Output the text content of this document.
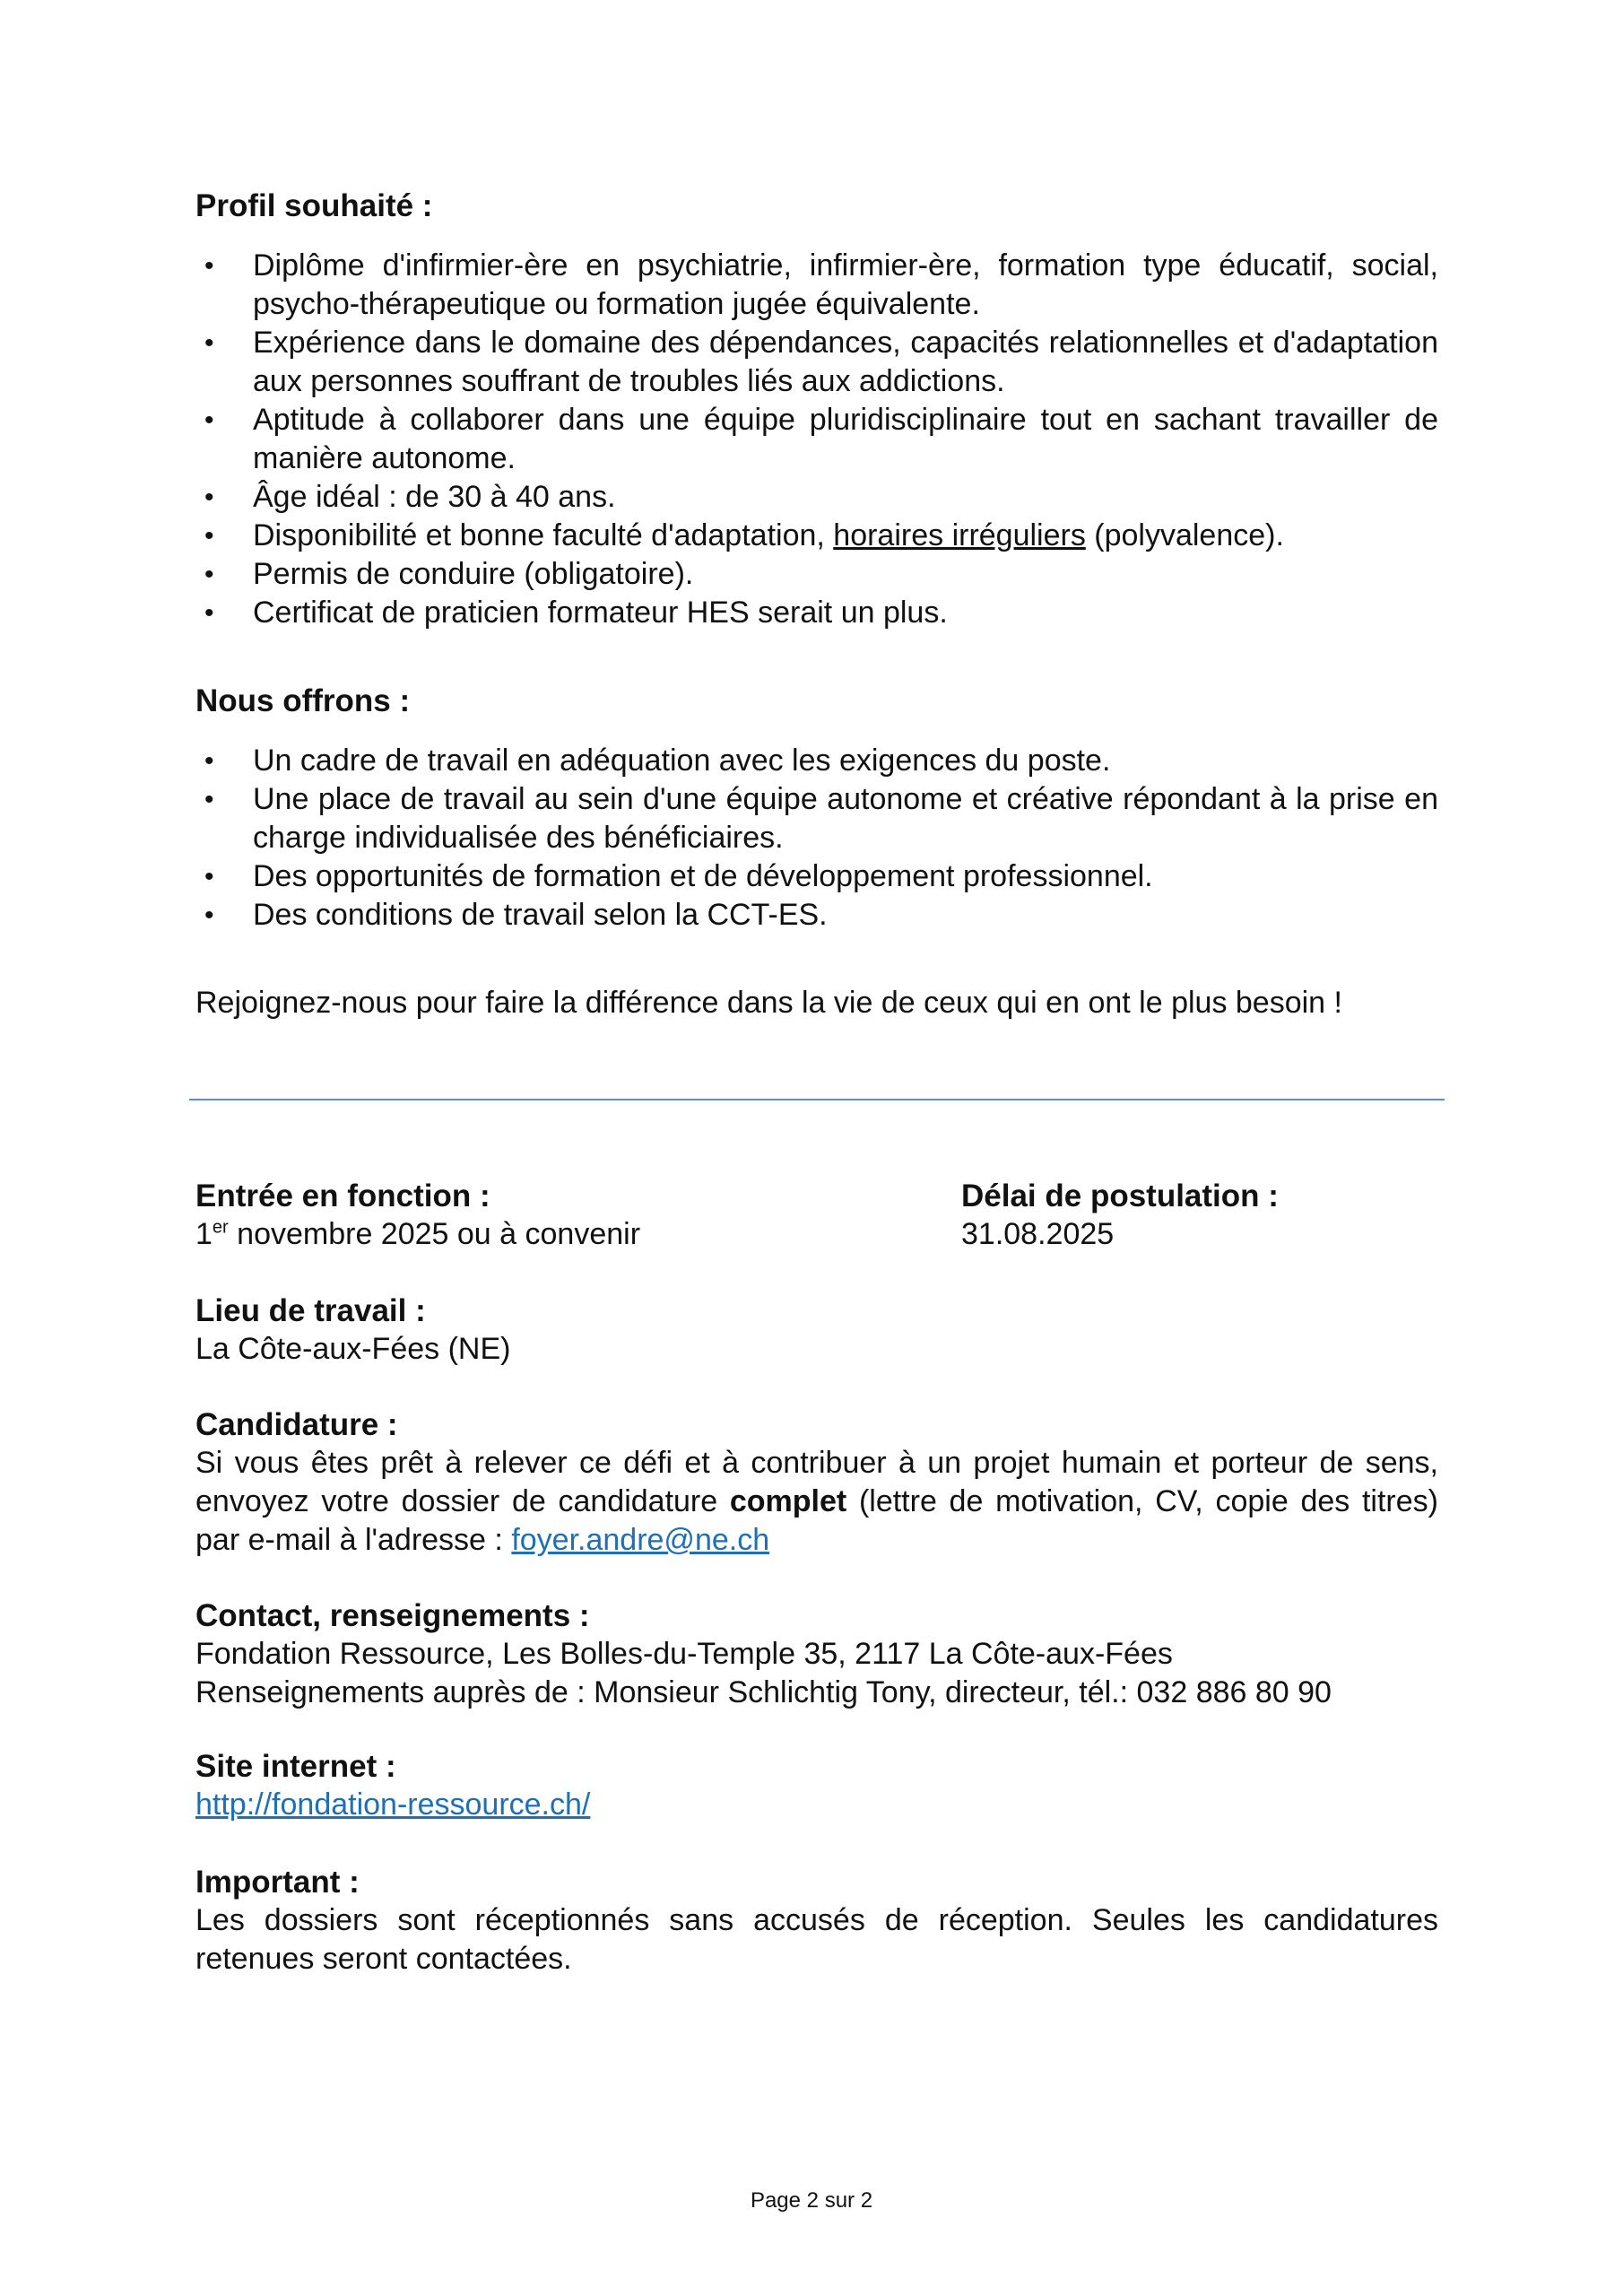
Profil souhaité :

• Diplôme d'infirmier-ère en psychiatrie, infirmier-ère, formation type éducatif, social, psycho-thérapeutique ou formation jugée équivalente.
• Expérience dans le domaine des dépendances, capacités relationnelles et d'adaptation aux personnes souffrant de troubles liés aux addictions.
• Aptitude à collaborer dans une équipe pluridisciplinaire tout en sachant travailler de manière autonome.
• Âge idéal : de 30 à 40 ans.
• Disponibilité et bonne faculté d'adaptation, horaires irréguliers (polyvalence).
• Permis de conduire (obligatoire).
• Certificat de praticien formateur HES serait un plus.

Nous offrons :

• Un cadre de travail en adéquation avec les exigences du poste.
• Une place de travail au sein d'une équipe autonome et créative répondant à la prise en charge individualisée des bénéficiaires.
• Des opportunités de formation et de développement professionnel.
• Des conditions de travail selon la CCT-ES.

Rejoignez-nous pour faire la différence dans la vie de ceux qui en ont le plus besoin !

Entrée en fonction :

1er novembre 2025 ou à convenir

Délai de postulation :

31.08.2025

Lieu de travail :

La Côte-aux-Fées (NE)

Candidature :

Si vous êtes prêt à relever ce défi et à contribuer à un projet humain et porteur de sens, envoyez votre dossier de candidature complet (lettre de motivation, CV, copie des titres) par e-mail à l'adresse : foyer.andre@ne.ch

Contact, renseignements :

Fondation Ressource, Les Bolles-du-Temple 35, 2117 La Côte-aux-Fées

Renseignements auprès de : Monsieur Schlichtig Tony, directeur, tél.: 032 886 80 90

Site internet :

http://fondation-ressource.ch/

Important :

Les dossiers sont réceptionnés sans accusés de réception. Seules les candidatures retenues seront contactées.

Page 2 sur 2
